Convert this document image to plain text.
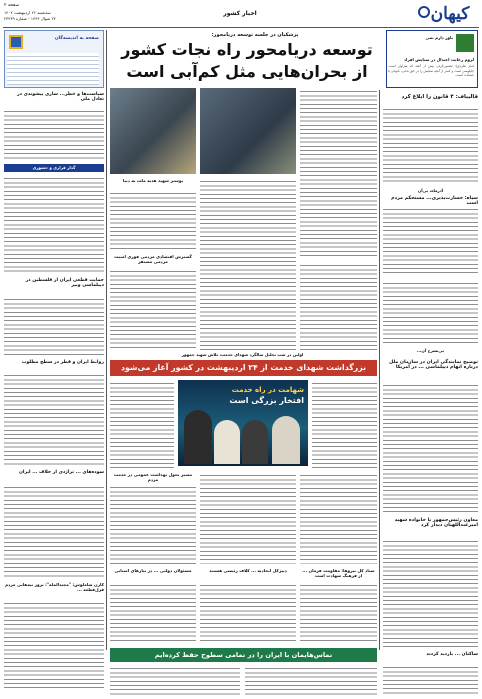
کیهان
اخبار کشور
صفحه ۲
سه‌شنبه ۲۶ اردیبهشت ۱۴۰۲
۲۴ شوال ۱۴۴۴ - شماره ۲۳۴۳۹
باور دارم نمی‌
لزوم رعایت اعتدال در ستایش افراد
امام علی(ع): تحسین‌کردن بیش از آنچه که سزاوار است، چاپلوسی است و کمتر از آنچه ستایش را در حق بدانی، ناتوانی یا حسادت است.
پزشکیان در جلسه توسعه دریامحور:
توسعه دریامحور راه نجات کشور
از بحران‌هایی مثل کم‌آبی است
صفحه به اندیشه‌گان
سیاست‌ها و خطر... سازی پیشوندی در تعادل ملی
گذار قراری و حشوری
حمایت قطعی ایران از فلسطین در دیپلماسی وبیر
روابط ایران و قطر در سطح مطلوب
سوده‌های ... تراژدی از خلاف ... ایران
کارن شاملوس: "مجیدالمله": بروز تپه‌هایی مردم قزل‌قطعه ...
قالیباف: ۴ قانون را ابلاغ کرد
آذرماه، بی‌آن
سپاه: خسارت‌پذیری... مستحکم مردم است
بی‌نشرح آن...
توضیح نمایندگی ایران در سازمان ملل درباره اتهام دیپلماسی ... در آمریکا
معاون رئیس‌جمهور با خانواده شهید امیرعبداللهیان دیدار کرد
پوستر شهید هدیه ملت به دنیا
گسترش اقتصادی مردمی فوری امنیت مردمی مستقر
اولین در شب تجلیل سالگرد شهدای خدمت، تلاش شهید جمهور
بزرگداشت شهدای خدمت از ۲۴ اردیبهشت در کشور آغاز می‌شود
شهامت در راه خدمت
افتخار بزرگی است
مسیر تحول بهداشت عمومی در خدمت مردم
دبیرکل اتحادیه ... کلاف رئیسی هستند
مسئولان دولتی ... در نیازهای استانی	ستاد کل نیروها: مقاومت فرمان ... از فرهنگ شهادت است
تماس‌هایمان با ایران را در تمامی سطوح حفظ کرده‌ایم	ساکنان ... بازدید کردند
